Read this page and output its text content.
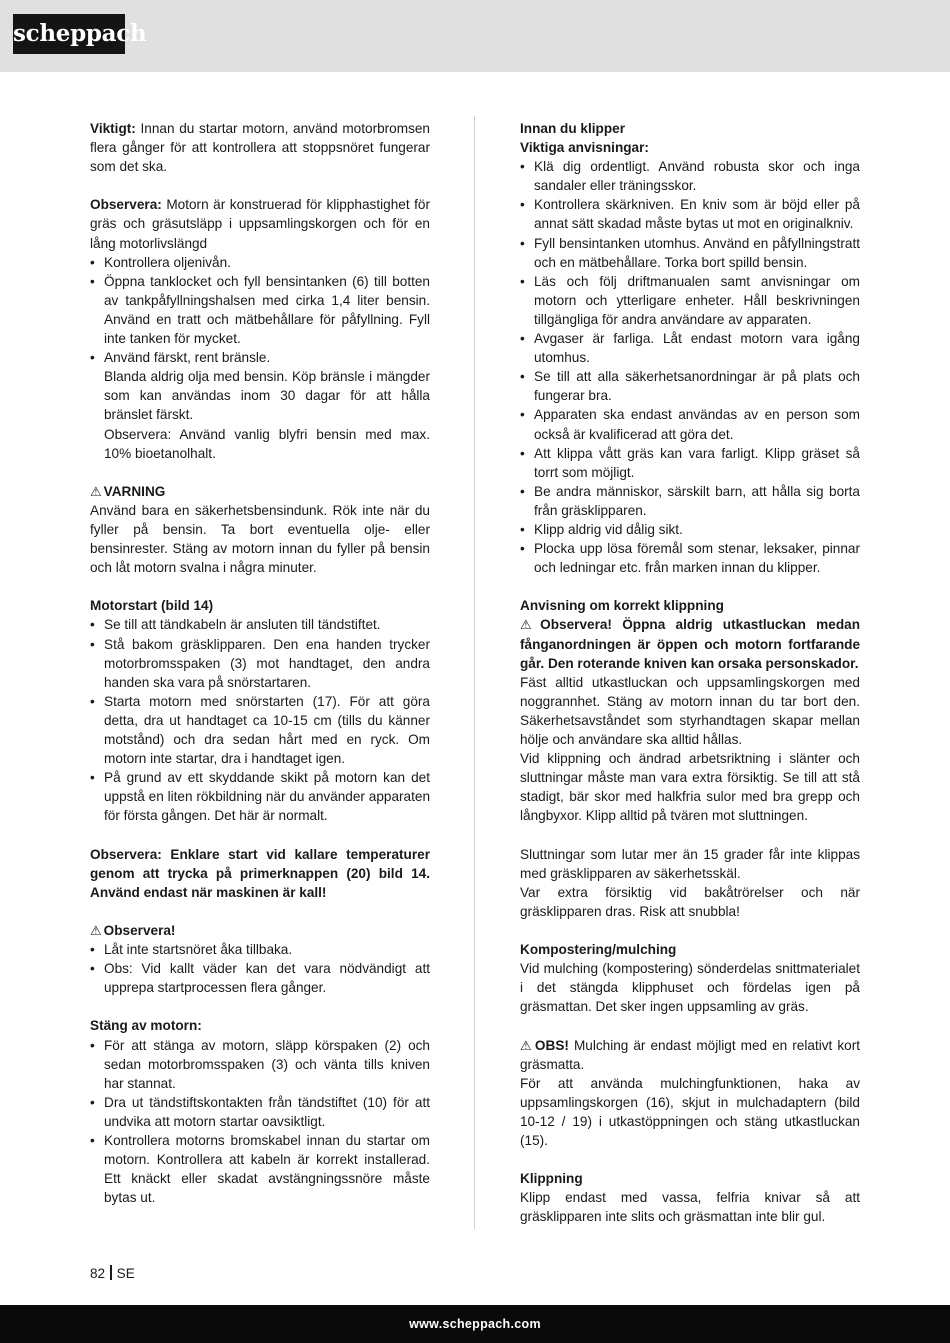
scheppach

Viktigt: Innan du startar motorn, använd motorbromsen flera gånger för att kontrollera att stoppsnöret fungerar som det ska.

Observera: Motorn är konstruerad för klipphastighet för gräs och gräsutsläpp i uppsamlingskorgen och för en lång motorlivslängd

• Kontrollera oljenivån.
• Öppna tanklocket och fyll bensintanken (6) till botten av tankpåfyllningshalsen med cirka 1,4 liter bensin. Använd en tratt och mätbehållare för påfyllning. Fyll inte tanken för mycket.
• Använd färskt, rent bränsle.
Blanda aldrig olja med bensin. Köp bränsle i mängder som kan användas inom 30 dagar för att hålla bränslet färskt.
Observera: Använd vanlig blyfri bensin med max. 10% bioetanolhalt.

⚠ VARNING

Använd bara en säkerhetsbensindunk. Rök inte när du fyller på bensin. Ta bort eventuella olje- eller bensinrester. Stäng av motorn innan du fyller på bensin och låt motorn svalna i några minuter.

Motorstart (bild 14)

• Se till att tändkabeln är ansluten till tändstiftet.
• Stå bakom gräsklipparen. Den ena handen trycker motorbromsspaken (3) mot handtaget, den andra handen ska vara på snörstartaren.
• Starta motorn med snörstarten (17). För att göra detta, dra ut handtaget ca 10-15 cm (tills du känner motstånd) och dra sedan hårt med en ryck. Om motorn inte startar, dra i handtaget igen.
• På grund av ett skyddande skikt på motorn kan det uppstå en liten rökbildning när du använder apparaten för första gången. Det här är normalt.

Observera: Enklare start vid kallare temperaturer genom att trycka på primerknappen (20) bild 14. Använd endast när maskinen är kall!

⚠ Observera!

• Låt inte startsnöret åka tillbaka.
• Obs: Vid kallt väder kan det vara nödvändigt att upprepa startprocessen flera gånger.

Stäng av motorn:

• För att stänga av motorn, släpp körspaken (2) och sedan motorbromsspaken (3) och vänta tills kniven har stannat.
• Dra ut tändstiftskontakten från tändstiftet (10) för att undvika att motorn startar oavsiktligt.
• Kontrollera motorns bromskabel innan du startar om motorn. Kontrollera att kabeln är korrekt installerad. Ett knäckt eller skadat avstängningssnöre måste bytas ut.

Innan du klipper

Viktiga anvisningar:

• Klä dig ordentligt. Använd robusta skor och inga sandaler eller träningsskor.
• Kontrollera skärkniven. En kniv som är böjd eller på annat sätt skadad måste bytas ut mot en originalkniv.
• Fyll bensintanken utomhus. Använd en påfyllningstratt och en mätbehållare. Torka bort spilld bensin.
• Läs och följ driftmanualen samt anvisningar om motorn och ytterligare enheter. Håll beskrivningen tillgängliga för andra användare av apparaten.
• Avgaser är farliga. Låt endast motorn vara igång utomhus.
• Se till att alla säkerhetsanordningar är på plats och fungerar bra.
• Apparaten ska endast användas av en person som också är kvalificerad att göra det.
• Att klippa vått gräs kan vara farligt. Klipp gräset så torrt som möjligt.
• Be andra människor, särskilt barn, att hålla sig borta från gräsklipparen.
• Klipp aldrig vid dålig sikt.
• Plocka upp lösa föremål som stenar, leksaker, pinnar och ledningar etc. från marken innan du klipper.

Anvisning om korrekt klippning

⚠ Observera! Öppna aldrig utkastluckan medan fånganordningen är öppen och motorn fortfarande går. Den roterande kniven kan orsaka personskador.

Fäst alltid utkastluckan och uppsamlingskorgen med noggrannhet. Stäng av motorn innan du tar bort den. Säkerhetsavståndet som styrhandtagen skapar mellan hölje och användare ska alltid hållas.

Vid klippning och ändrad arbetsriktning i slänter och sluttningar måste man vara extra försiktig. Se till att stå stadigt, bär skor med halkfria sulor med bra grepp och långbyxor. Klipp alltid på tvären mot sluttningen.

Sluttningar som lutar mer än 15 grader får inte klippas med gräsklipparen av säkerhetsskäl.

Var extra försiktig vid bakåtrörelser och när gräsklipparen dras. Risk att snubbla!

Kompostering/mulching

Vid mulching (kompostering) sönderdelas snittmaterialet i det stängda klipphuset och fördelas igen på gräsmattan. Det sker ingen uppsamling av gräs.

⚠ OBS! Mulching är endast möjligt med en relativt kort gräsmatta.

För att använda mulchingfunktionen, haka av uppsamlingskorgen (16), skjut in mulchadaptern (bild 10-12 / 19) i utkastöppningen och stäng utkastluckan (15).

Klippning

Klipp endast med vassa, felfria knivar så att gräsklipparen inte slits och gräsmattan inte blir gul.

82 SE
www.scheppach.com
